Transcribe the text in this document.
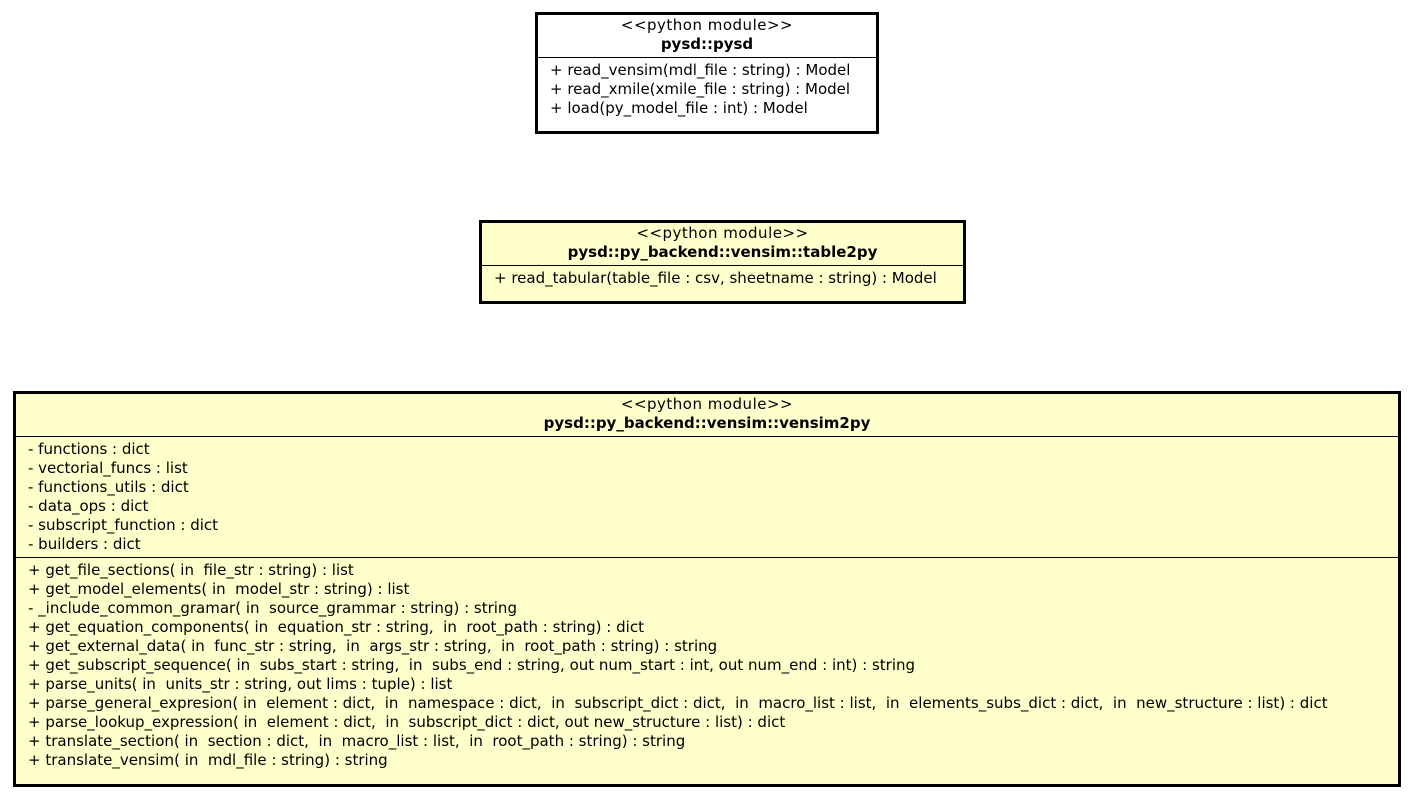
<<python module>>
pysd::pysd
+ read_vensim(mdl_file : string) : Model
+ read_xmile(xmile_file : string) : Model
+ load(py_model_file : int) : Model
<<python module>>
pysd::py_backend::vensim::table2py
+ read_tabular(table_file : csv, sheetname : string) : Model
<<python module>>
pysd::py_backend::vensim::vensim2py
- functions : dict
- vectorial_funcs : list
- functions_utils : dict
- data_ops : dict
- subscript_function : dict
- builders : dict
+ get_file_sections( in  file_str : string) : list
+ get_model_elements( in  model_str : string) : list
- _include_common_gramar( in  source_grammar : string) : string
+ get_equation_components( in  equation_str : string,  in  root_path : string) : dict
+ get_external_data( in  func_str : string,  in  args_str : string,  in  root_path : string) : string
+ get_subscript_sequence( in  subs_start : string,  in  subs_end : string, out num_start : int, out num_end : int) : string
+ parse_units( in  units_str : string, out lims : tuple) : list
+ parse_general_expresion( in  element : dict,  in  namespace : dict,  in  subscript_dict : dict,  in  macro_list : list,  in  elements_subs_dict : dict,  in  new_structure : list) : dict
+ parse_lookup_expression( in  element : dict,  in  subscript_dict : dict, out new_structure : list) : dict
+ translate_section( in  section : dict,  in  macro_list : list,  in  root_path : string) : string
+ translate_vensim( in  mdl_file : string) : string
